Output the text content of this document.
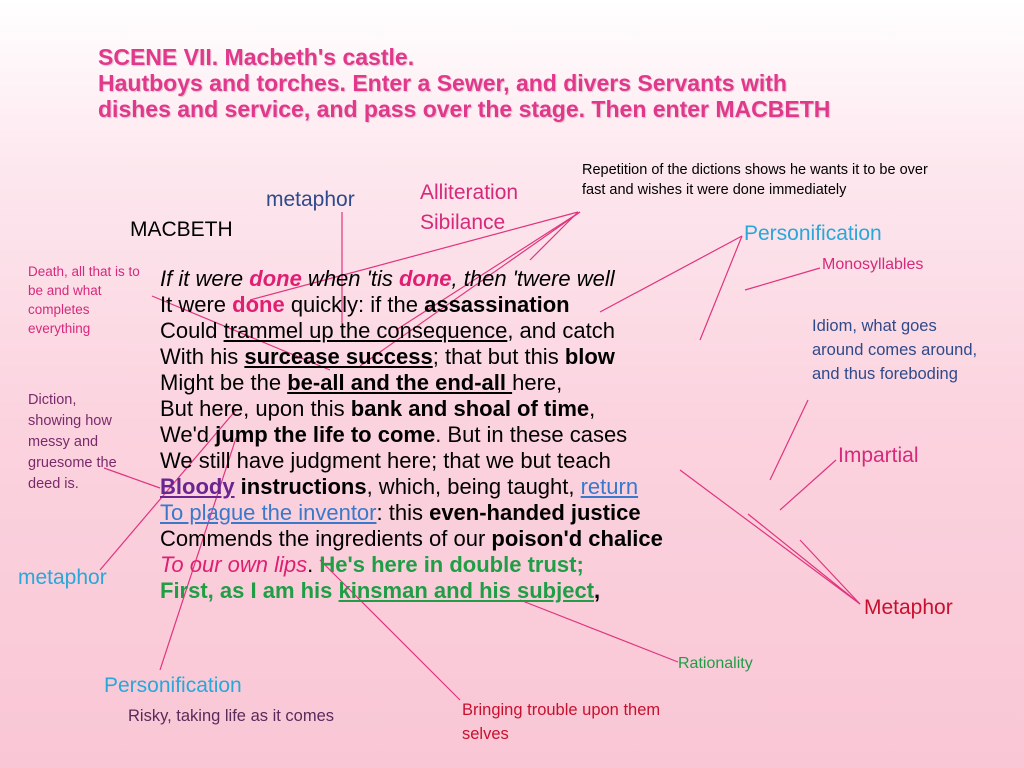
SCENE VII. Macbeth's castle.
Hautboys and torches. Enter a Sewer, and divers Servants with
dishes and service, and pass over the stage. Then enter MACBETH
MACBETH
If it were done when 'tis done, then 'twere well
It were done quickly: if the assassination
Could trammel up the consequence, and catch
With his surcease success; that but this blow
Might be the be-all and the end-all here,
But here, upon this bank and shoal of time,
We'd jump the life to come. But in these cases
We still have judgment here; that we but teach
Bloody instructions, which, being taught, return
To plague the inventor: this even-handed justice
Commends the ingredients of our poison'd chalice
To our own lips. He's here in double trust;
First, as I am his kinsman and his subject,
metaphor	Alliteration
Sibilance
Repetition of the dictions shows he wants it to be over fast and wishes it were done immediately
Personification
Monosyllables
Death, all that is to be and what completes everything	Idiom, what goes around comes around, and thus foreboding
Diction, showing how messy and gruesome the deed is.
Impartial
metaphor
Metaphor
Rationality
Personification
Risky, taking life as it comes	Bringing trouble upon them selves
